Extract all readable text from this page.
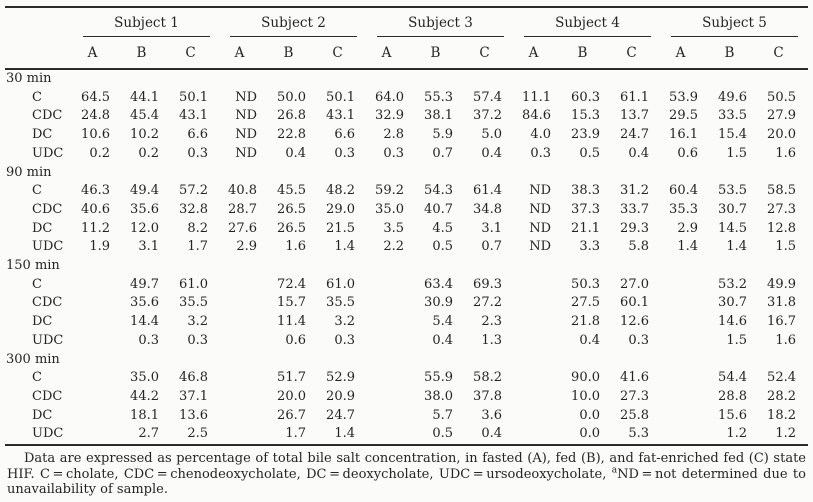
	Subject 1			Subject 2			Subject 3			Subject 4			Subject 5		

	A	B	C	A	B	C	A	B	C	A	B	C	A	B	C
30 min															
C	64.5	44.1	50.1	ND	50.0	50.1	64.0	55.3	57.4	11.1	60.3	61.1	53.9	49.6	50.5
CDC	24.8	45.4	43.1	ND	26.8	43.1	32.9	38.1	37.2	84.6	15.3	13.7	29.5	33.5	27.9
DC	10.6	10.2	6.6	ND	22.8	6.6	2.8	5.9	5.0	4.0	23.9	24.7	16.1	15.4	20.0
UDC	0.2	0.2	0.3	ND	0.4	0.3	0.3	0.7	0.4	0.3	0.5	0.4	0.6	1.5	1.6
90 min															
C	46.3	49.4	57.2	40.8	45.5	48.2	59.2	54.3	61.4	ND	38.3	31.2	60.4	53.5	58.5
CDC	40.6	35.6	32.8	28.7	26.5	29.0	35.0	40.7	34.8	ND	37.3	33.7	35.3	30.7	27.3
DC	11.2	12.0	8.2	27.6	26.5	21.5	3.5	4.5	3.1	ND	21.1	29.3	2.9	14.5	12.8
UDC	1.9	3.1	1.7	2.9	1.6	1.4	2.2	0.5	0.7	ND	3.3	5.8	1.4	1.4	1.5
150 min															
C		49.7	61.0		72.4	61.0		63.4	69.3		50.3	27.0		53.2	49.9
CDC		35.6	35.5		15.7	35.5		30.9	27.2		27.5	60.1		30.7	31.8
DC		14.4	3.2		11.4	3.2		5.4	2.3		21.8	12.6		14.6	16.7
UDC		0.3	0.3		0.6	0.3		0.4	1.3		0.4	0.3		1.5	1.6
300 min															
C		35.0	46.8		51.7	52.9		55.9	58.2		90.0	41.6		54.4	52.4
CDC		44.2	37.1		20.0	20.9		38.0	37.8		10.0	27.3		28.8	28.2
DC		18.1	13.6		26.7	24.7		5.7	3.6		0.0	25.8		15.6	18.2
UDC		2.7	2.5		1.7	1.4		0.5	0.4		0.0	5.3		1.2	1.2

Data are expressed as percentage of total bile salt concentration, in fasted (A), fed (B), and fat-enriched fed (C) state HIF. C = cholate, CDC = chenodeoxycholate, DC = deoxycholate, UDC = ursodeoxycholate, $^a$ND = not determined due to unavailability of sample.
